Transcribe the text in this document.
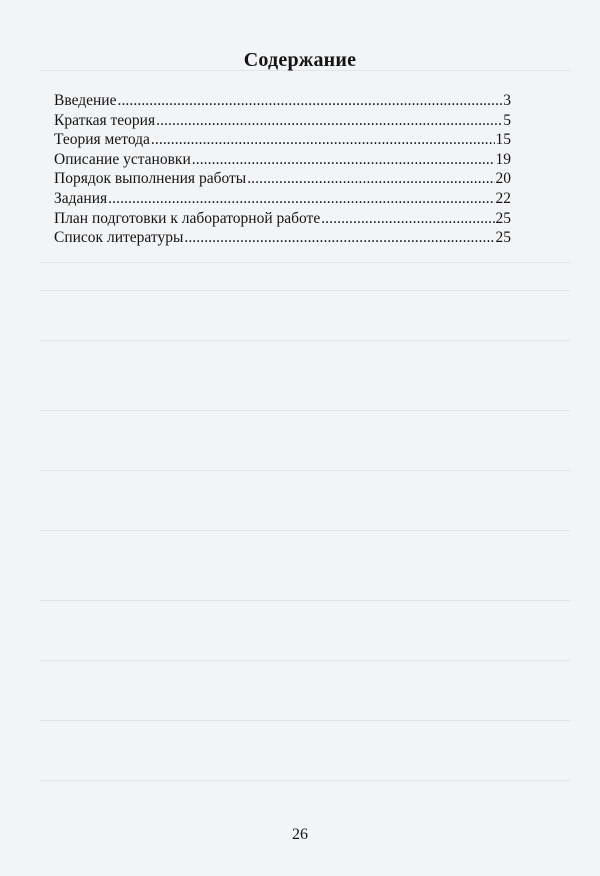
Содержание
Введение .....	3
Краткая теория .....	5
Теория метода .....	15
Описание установки .....	19
Порядок выполнения работы .....	20
Задания .....	22
План подготовки к лабораторной работе .....	25
Список литературы .....	25
26
